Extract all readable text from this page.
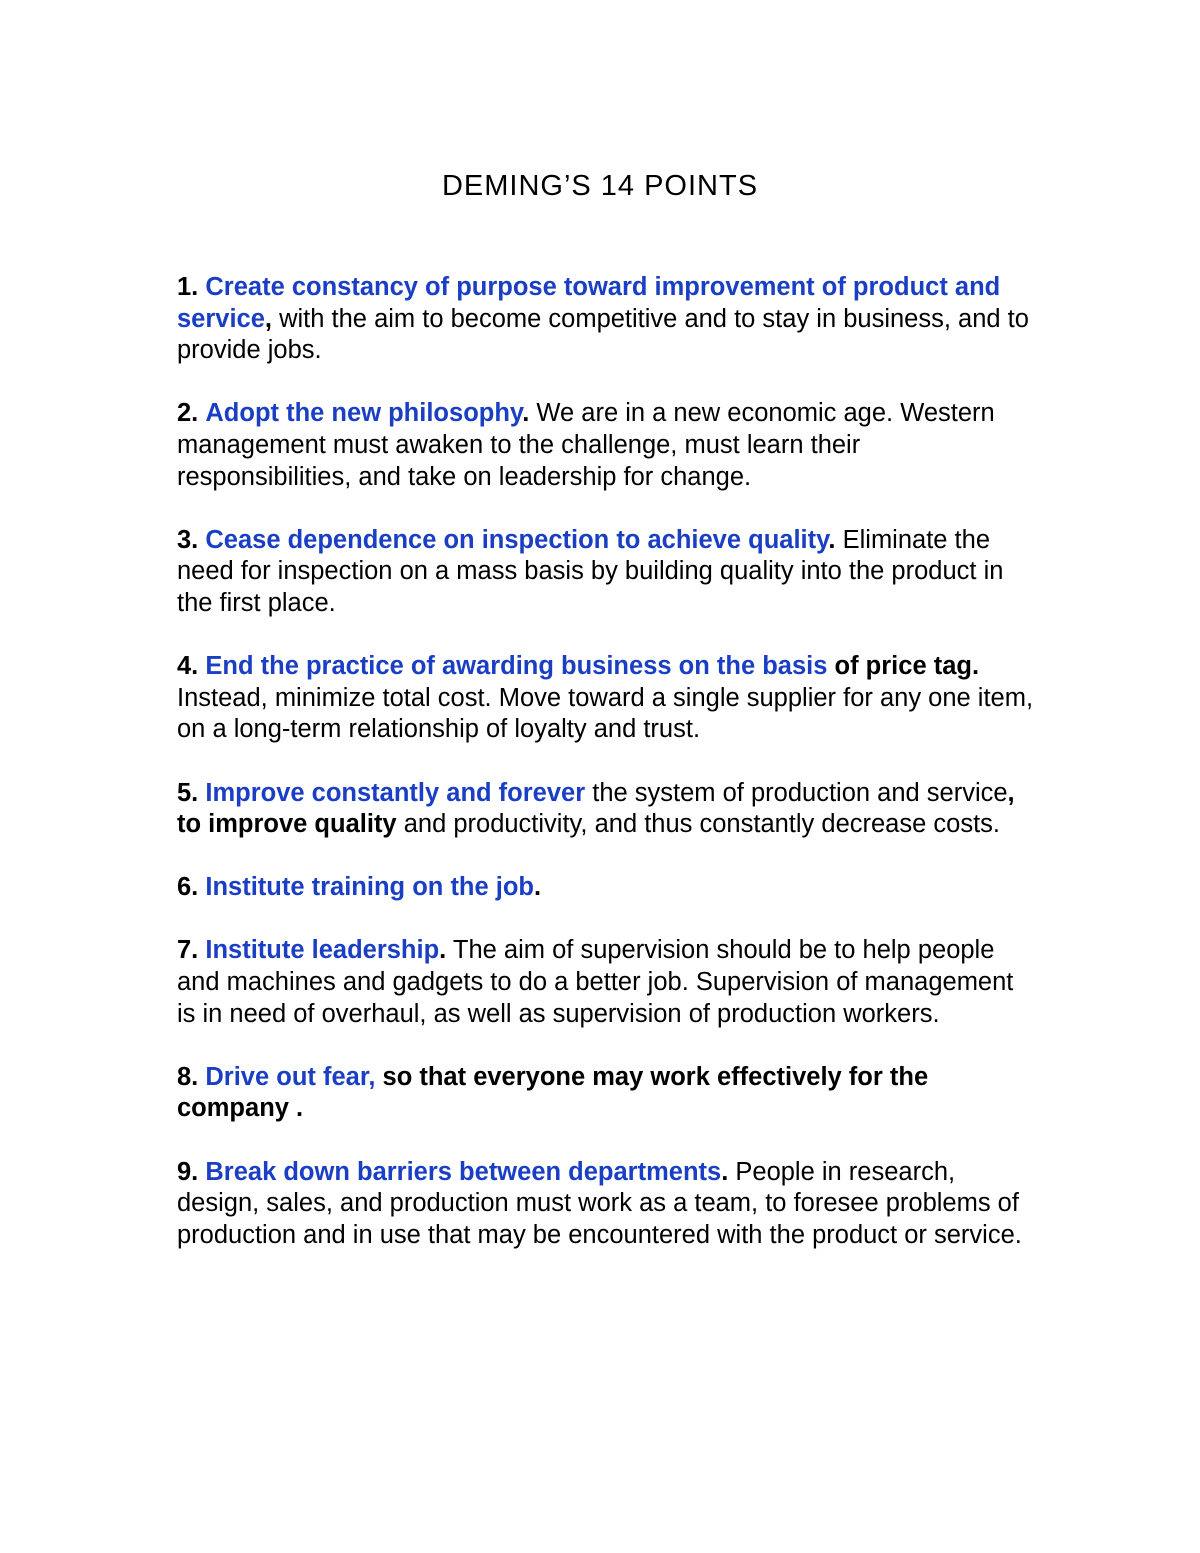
DEMING’S 14 POINTS
1. Create constancy of purpose toward improvement of product and service, with the aim to become competitive and to stay in business, and to provide jobs.
2. Adopt the new philosophy. We are in a new economic age. Western management must awaken to the challenge, must learn their responsibilities, and take on leadership for change.
3. Cease dependence on inspection to achieve quality. Eliminate the need for inspection on a mass basis by building quality into the product in the first place.
4. End the practice of awarding business on the basis of price tag. Instead, minimize total cost. Move toward a single supplier for any one item, on a long-term relationship of loyalty and trust.
5. Improve constantly and forever the system of production and service, to improve quality and productivity, and thus constantly decrease costs.
6. Institute training on the job.
7. Institute leadership. The aim of supervision should be to help people and machines and gadgets to do a better job. Supervision of management is in need of overhaul, as well as supervision of production workers.
8. Drive out fear, so that everyone may work effectively for the company .
9. Break down barriers between departments. People in research, design, sales, and production must work as a team, to foresee problems of production and in use that may be encountered with the product or service.
